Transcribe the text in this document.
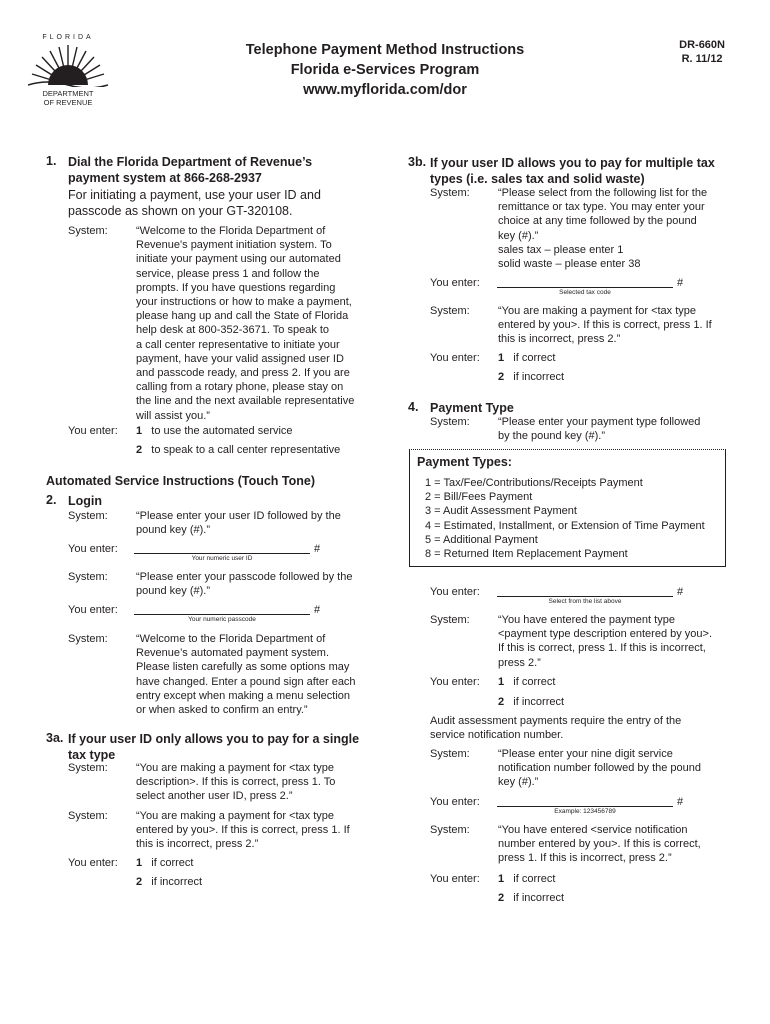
FLORIDA
DEPARTMENT
OF REVENUE
Telephone Payment Method Instructions
Florida e-Services Program
www.myflorida.com/dor
DR-660N
R. 11/12
1. Dial the Florida Department of Revenue’s
payment system at 866-268-2937
For initiating a payment, use your user ID and
passcode as shown on your GT-320108.
System:	“Welcome to the Florida Department of
Revenue's payment initiation system. To
initiate your payment using our automated
service, please press 1 and follow the
prompts. If you have questions regarding
your instructions or how to make a payment,
please hang up and call the State of Florida
help desk at 800-352-3671. To speak to
a call center representative to initiate your
payment, have your valid assigned user ID
and passcode ready, and press 2. If you are
calling from a rotary phone, please stay on
the line and the next available representative
will assist you.”
You enter: 1 to use the automated service
2 to speak to a call center representative
Automated Service Instructions (Touch Tone)
2. Login
System:	“Please enter your user ID followed by the
pound key (#).”
You enter:	#
Your numeric user ID
System:	“Please enter your passcode followed by the
pound key (#).”
You enter:	#
Your numeric passcode
System:	“Welcome to the Florida Department of
Revenue’s automated payment system.
Please listen carefully as some options may
have changed. Enter a pound sign after each
entry except when making a menu selection
or when asked to confirm an entry.”
3a. If your user ID only allows you to pay for a single
tax type
System:	“You are making a payment for <tax type
description>. If this is correct, press 1. To
select another user ID, press 2.”
System:	“You are making a payment for <tax type
entered by you>. If this is correct, press 1. If
this is incorrect, press 2.”
You enter: 1 if correct
2 if incorrect
3b. If your user ID allows you to pay for multiple tax
types (i.e. sales tax and solid waste)
System:	“Please select from the following list for the
remittance or tax type. You may enter your
choice at any time followed by the pound
key (#).”
sales tax – please enter 1
solid waste – please enter 38
You enter:	#
Selected tax code
System:	“You are making a payment for <tax type
entered by you>. If this is correct, press 1. If
this is incorrect, press 2.”
You enter: 1 if correct
2 if incorrect
4. Payment Type
System:	“Please enter your payment type followed
by the pound key (#).”
Payment Types:
1 = Tax/Fee/Contributions/Receipts Payment
2 = Bill/Fees Payment
3 = Audit Assessment Payment
4 = Estimated, Installment, or Extension of Time Payment
5 = Additional Payment
8 = Returned Item Replacement Payment
You enter:	#
Select from the list above
System:	“You have entered the payment type
<payment type description entered by you>.
If this is correct, press 1. If this is incorrect,
press 2.”
You enter: 1 if correct
2 if incorrect
Audit assessment payments require the entry of the
service notification number.
System:	“Please enter your nine digit service
notification number followed by the pound
key (#).”
You enter:	#
Example: 123456789
System:	“You have entered <service notification
number entered by you>. If this is correct,
press 1. If this is incorrect, press 2.”
You enter: 1 if correct
2 if incorrect
